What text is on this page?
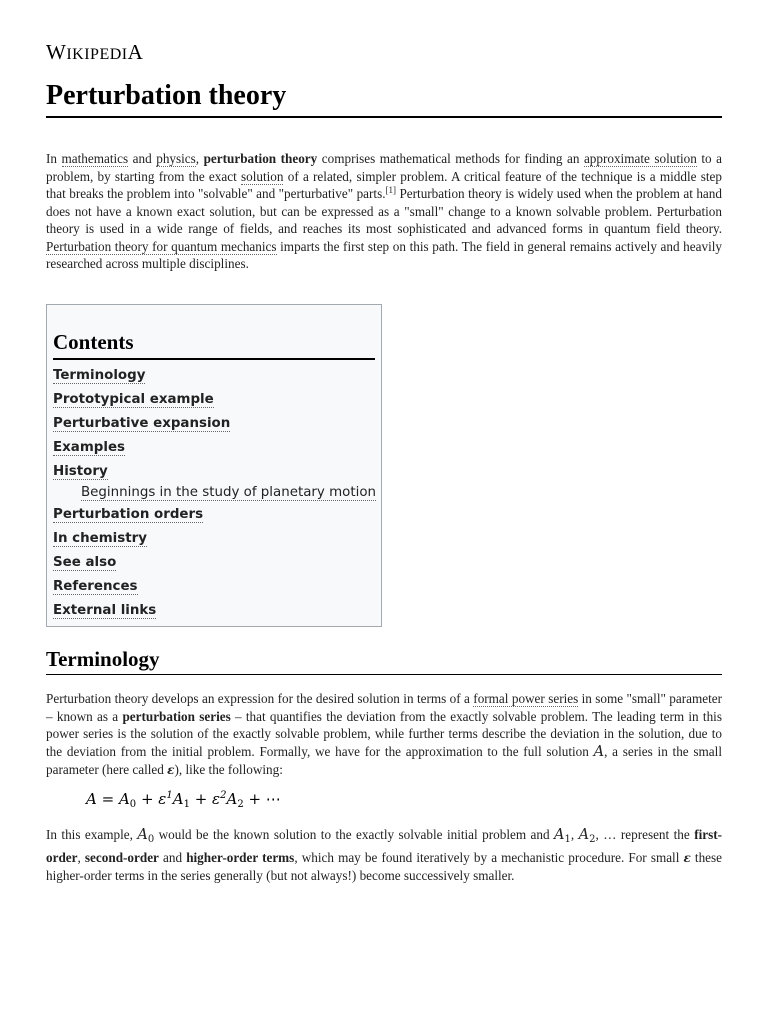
WIKIPEDIA
Perturbation theory

In mathematics and physics, perturbation theory comprises mathematical methods for finding an approximate solution to a problem, by starting from the exact solution of a related, simpler problem. A critical feature of the technique is a middle step that breaks the problem into "solvable" and "perturbative" parts.[1] Perturbation theory is widely used when the problem at hand does not have a known exact solution, but can be expressed as a "small" change to a known solvable problem. Perturbation theory is used in a wide range of fields, and reaches its most sophisticated and advanced forms in quantum field theory. Perturbation theory for quantum mechanics imparts the first step on this path. The field in general remains actively and heavily researched across multiple disciplines.

Contents
Terminology
Prototypical example
Perturbative expansion
Examples
History
Beginnings in the study of planetary motion
Perturbation orders
In chemistry
See also
References
External links
Terminology

Perturbation theory develops an expression for the desired solution in terms of a formal power series in some "small" parameter – known as a perturbation series – that quantifies the deviation from the exactly solvable problem. The leading term in this power series is the solution of the exactly solvable problem, while further terms describe the deviation in the solution, due to the deviation from the initial problem. Formally, we have for the approximation to the full solution A, a series in the small parameter (here called ε), like the following:

$A = A_0 + \varepsilon^1A_1 + \varepsilon^2A_2$ + ⋯

In this example, $A_0$ would be the known solution to the exactly solvable initial problem and $A_1$, $A_2$, … represent the first-order, second-order and higher-order terms, which may be found iteratively by a mechanistic procedure. For small ε these higher-order terms in the series generally (but not always!) become successively smaller.
